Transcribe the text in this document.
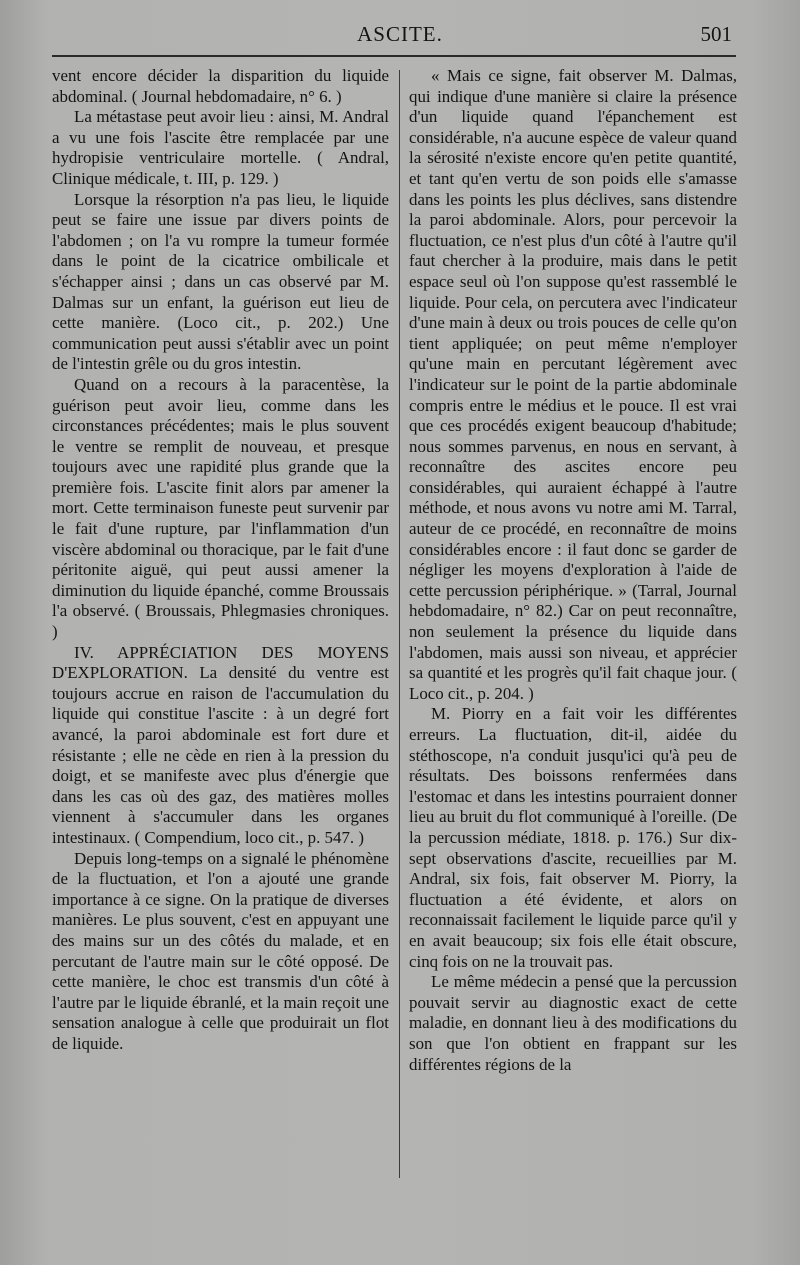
ASCITE.	501

vent encore décider la disparition du liquide abdominal. ( Journal hebdomadaire, n° 6. )

La métastase peut avoir lieu : ainsi, M. Andral a vu une fois l'ascite être remplacée par une hydropisie ventriculaire mortelle. ( Andral, Clinique médicale, t. III, p. 129. )

Lorsque la résorption n'a pas lieu, le liquide peut se faire une issue par divers points de l'abdomen ; on l'a vu rompre la tumeur formée dans le point de la cicatrice ombilicale et s'échapper ainsi ; dans un cas observé par M. Dalmas sur un enfant, la guérison eut lieu de cette manière. (Loco cit., p. 202.) Une communication peut aussi s'établir avec un point de l'intestin grêle ou du gros intestin.

Quand on a recours à la paracentèse, la guérison peut avoir lieu, comme dans les circonstances précédentes; mais le plus souvent le ventre se remplit de nouveau, et presque toujours avec une rapidité plus grande que la première fois. L'ascite finit alors par amener la mort. Cette terminaison funeste peut survenir par le fait d'une rupture, par l'inflammation d'un viscère abdominal ou thoracique, par le fait d'une péritonite aiguë, qui peut aussi amener la diminution du liquide épanché, comme Broussais l'a observé. ( Broussais, Phlegmasies chroniques. )

IV. APPRÉCIATION DES MOYENS D'EXPLORATION. La densité du ventre est toujours accrue en raison de l'accumulation du liquide qui constitue l'ascite : à un degré fort avancé, la paroi abdominale est fort dure et résistante ; elle ne cède en rien à la pression du doigt, et se manifeste avec plus d'énergie que dans les cas où des gaz, des matières molles viennent à s'accumuler dans les organes intestinaux. ( Compendium, loco cit., p. 547. )

Depuis long-temps on a signalé le phénomène de la fluctuation, et l'on a ajouté une grande importance à ce signe. On la pratique de diverses manières. Le plus souvent, c'est en appuyant une des mains sur un des côtés du malade, et en percutant de l'autre main sur le côté opposé. De cette manière, le choc est transmis d'un côté à l'autre par le liquide ébranlé, et la main reçoit une sensation analogue à celle que produirait un flot de liquide.

« Mais ce signe, fait observer M. Dalmas, qui indique d'une manière si claire la présence d'un liquide quand l'épanchement est considérable, n'a aucune espèce de valeur quand la sérosité n'existe encore qu'en petite quantité, et tant qu'en vertu de son poids elle s'amasse dans les points les plus déclives, sans distendre la paroi abdominale. Alors, pour percevoir la fluctuation, ce n'est plus d'un côté à l'autre qu'il faut chercher à la produire, mais dans le petit espace seul où l'on suppose qu'est rassemblé le liquide. Pour cela, on percutera avec l'indicateur d'une main à deux ou trois pouces de celle qu'on tient appliquée; on peut même n'employer qu'une main en percutant légèrement avec l'indicateur sur le point de la partie abdominale compris entre le médius et le pouce. Il est vrai que ces procédés exigent beaucoup d'habitude; nous sommes parvenus, en nous en servant, à reconnaître des ascites encore peu considérables, qui auraient échappé à l'autre méthode, et nous avons vu notre ami M. Tarral, auteur de ce procédé, en reconnaître de moins considérables encore : il faut donc se garder de négliger les moyens d'exploration à l'aide de cette percussion périphérique. » (Tarral, Journal hebdomadaire, n° 82.) Car on peut reconnaître, non seulement la présence du liquide dans l'abdomen, mais aussi son niveau, et apprécier sa quantité et les progrès qu'il fait chaque jour. ( Loco cit., p. 204. )

M. Piorry en a fait voir les différentes erreurs. La fluctuation, dit-il, aidée du stéthoscope, n'a conduit jusqu'ici qu'à peu de résultats. Des boissons renfermées dans l'estomac et dans les intestins pourraient donner lieu au bruit du flot communiqué à l'oreille. (De la percussion médiate, 1818. p. 176.) Sur dix-sept observations d'ascite, recueillies par M. Andral, six fois, fait observer M. Piorry, la fluctuation a été évidente, et alors on reconnaissait facilement le liquide parce qu'il y en avait beaucoup; six fois elle était obscure, cinq fois on ne la trouvait pas.

Le même médecin a pensé que la percussion pouvait servir au diagnostic exact de cette maladie, en donnant lieu à des modifications du son que l'on obtient en frappant sur les différentes régions de la
